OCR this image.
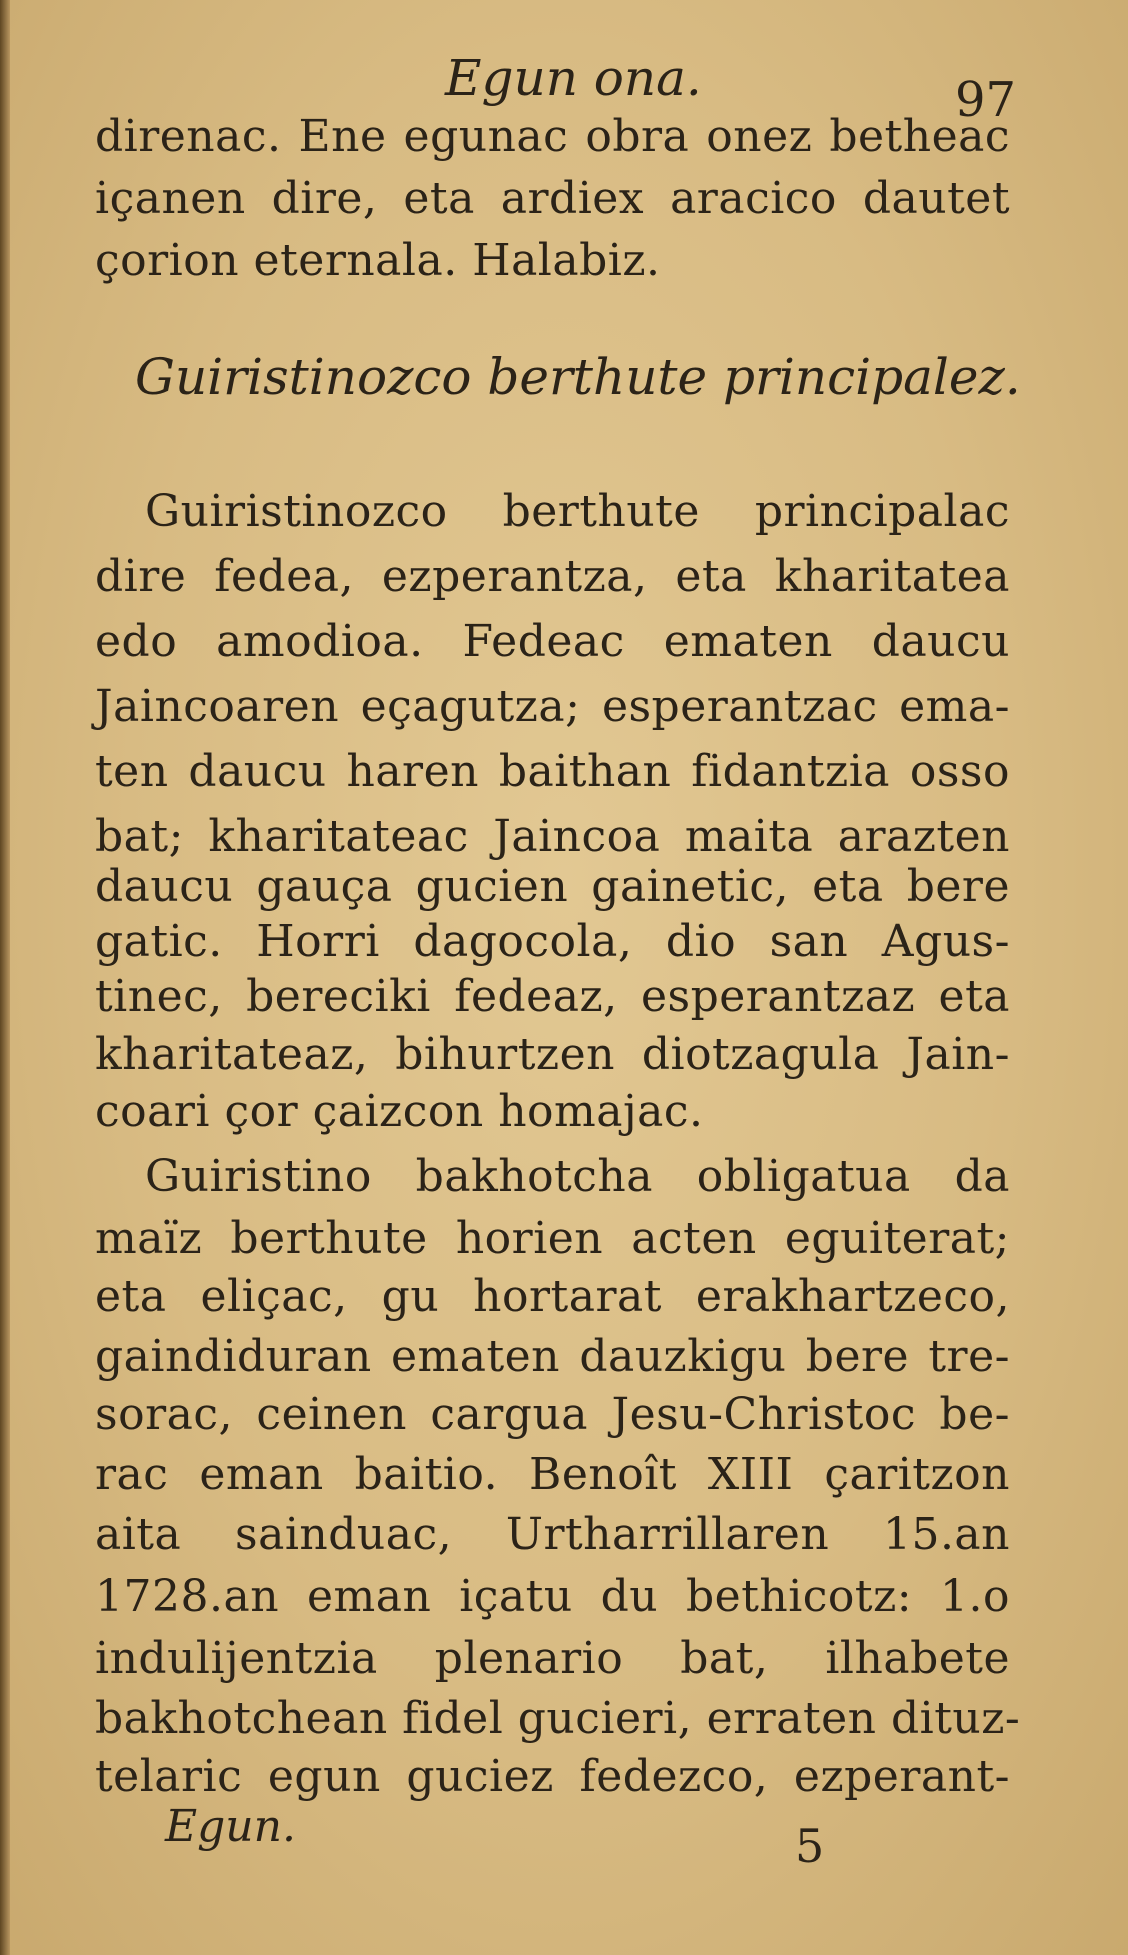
Egun ona.	97
direnac. Ene egunac obra onez betheac
içanen dire, eta ardiex aracico dautet
çorion eternala. Halabiz.
Guiristinozco berthute principalez.
Guiristinozco berthute principalac
dire fedea, ezperantza, eta kharitatea
edo amodioa. Fedeac ematen daucu
Jaincoaren eçagutza; esperantzac ema-
ten daucu haren baithan fidantzia osso
bat; kharitateac Jaincoa maita arazten
daucu gauça gucien gainetic, eta bere
gatic. Horri dagocola, dio san Agus-
tinec, bereciki fedeaz, esperantzaz eta
kharitateaz, bihurtzen diotzagula Jain-
coari çor çaizcon homajac.
Guiristino bakhotcha obligatua da
maïz berthute horien acten eguiterat;
eta eliçac, gu hortarat erakhartzeco,
gaindiduran ematen dauzkigu bere tre-
sorac, ceinen cargua Jesu-Christoc be-
rac eman baitio. Benoît XIII çaritzon
aita sainduac, Urtharrillaren 15.an
1728.an eman içatu du bethicotz: 1.o
indulijentzia plenario bat, ilhabete
bakhotchean fidel gucieri, erraten dituz-
telaric egun guciez fedezco, ezperant-
Egun.	5
